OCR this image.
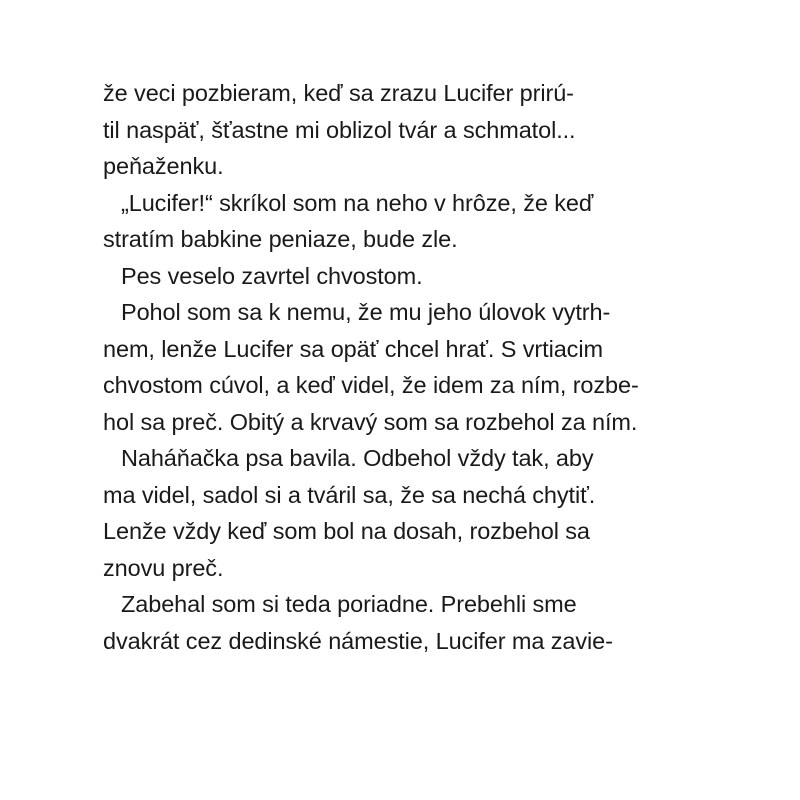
že veci pozbieram, keď sa zrazu Lucifer prirú-
til naspäť, šťastne mi oblizol tvár a schmatol...
peňaženku.
„Lucifer!“ skríkol som na neho v hrôze, že keď
stratím babkine peniaze, bude zle.
Pes veselo zavrtel chvostom.
Pohol som sa k nemu, že mu jeho úlovok vytrh-
nem, lenže Lucifer sa opäť chcel hrať. S vrtiacim
chvostom cúvol, a keď videl, že idem za ním, rozbe-
hol sa preč. Obitý a krvavý som sa rozbehol za ním.
Naháňačka psa bavila. Odbehol vždy tak, aby
ma videl, sadol si a tváril sa, že sa nechá chytiť.
Lenže vždy keď som bol na dosah, rozbehol sa
znovu preč.
Zabehal som si teda poriadne. Prebehli sme
dvakrát cez dedinské námestie, Lucifer ma zavie-
